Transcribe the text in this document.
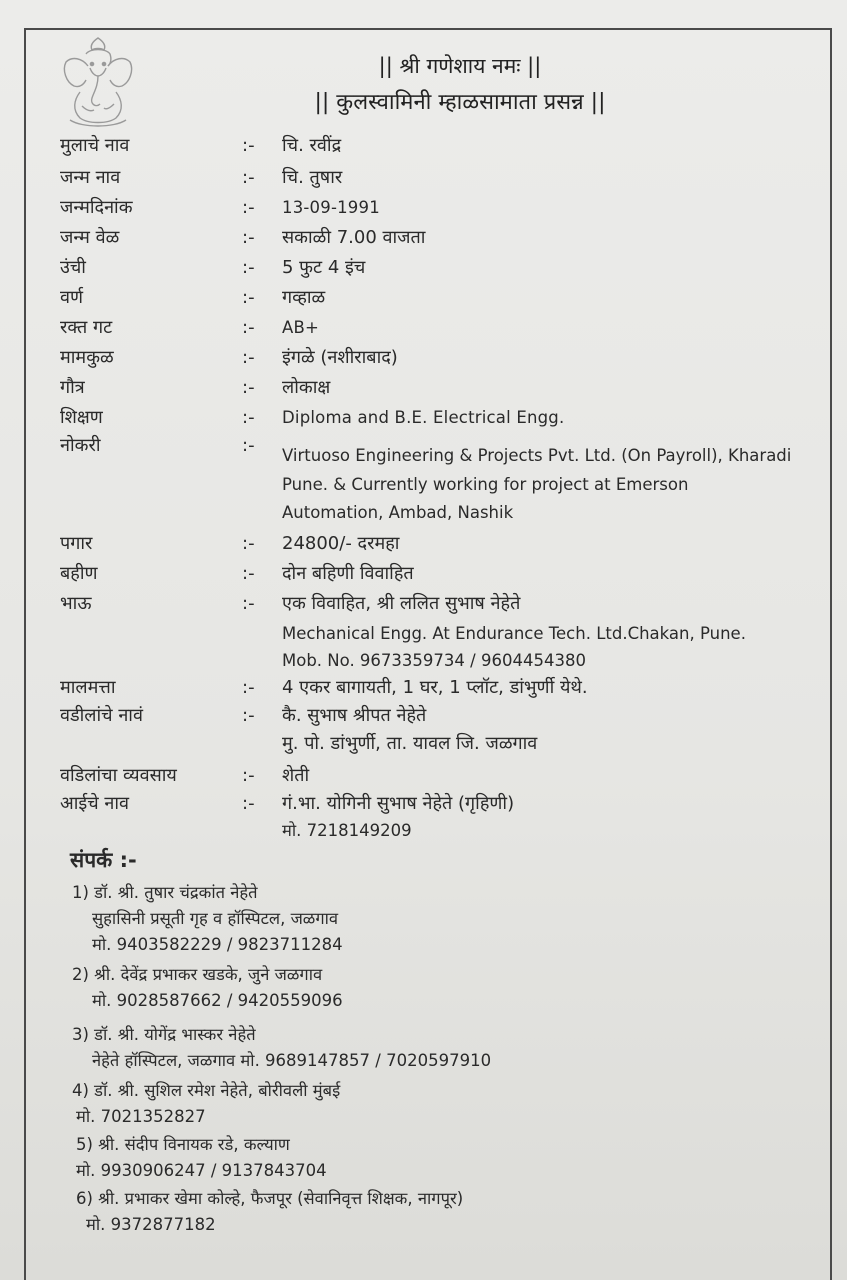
|| श्री गणेशाय नमः ||
|| कुलस्वामिनी म्हाळसामाता प्रसन्न ||
मुलाचे नाव	:- चि. रवींद्र
जन्म नाव	:- चि. तुषार
जन्मदिनांक	:- 13-09-1991
जन्म वेळ	:- सकाळी 7.00 वाजता
उंची	:- 5 फुट 4 इंच
वर्ण	:- गव्हाळ
रक्त गट	:- AB+
मामकुळ	:- इंगळे (नशीराबाद)
गौत्र	:- लोकाक्ष
शिक्षण	:- Diploma and B.E. Electrical Engg.
नोकरी	:- Virtuoso Engineering & Projects Pvt. Ltd. (On Payroll), Kharadi
Pune. & Currently working for project at Emerson
Automation, Ambad, Nashik
पगार	:- 24800/- दरमहा
बहीण	:- दोन बहिणी विवाहित
भाऊ	:- एक विवाहित, श्री ललित सुभाष नेहेते
Mechanical Engg. At Endurance Tech. Ltd.Chakan, Pune.
Mob. No. 9673359734 / 9604454380
मालमत्ता	:- 4 एकर बागायती, 1 घर, 1 प्लॉट, डांभुर्णी येथे.
वडीलांचे नावं	:- कै. सुभाष श्रीपत नेहेते
मु. पो. डांभुर्णी, ता. यावल जि. जळगाव
वडिलांचा व्यवसाय	:- शेती
आईचे नाव	:- गं.भा. योगिनी सुभाष नेहेते (गृहिणी)
मो. 7218149209
संपर्क :-
1) डॉ. श्री. तुषार चंद्रकांत नेहेते
सुहासिनी प्रसूती गृह व हॉस्पिटल, जळगाव
मो. 9403582229 / 9823711284
2) श्री. देवेंद्र प्रभाकर खडके, जुने जळगाव
मो. 9028587662 / 9420559096
3) डॉ. श्री. योगेंद्र भास्कर नेहेते
नेहेते हॉस्पिटल, जळगाव मो. 9689147857 / 7020597910
4) डॉ. श्री. सुशिल रमेश नेहेते, बोरीवली मुंबई
मो. 7021352827
5) श्री. संदीप विनायक रडे, कल्याण
मो. 9930906247 / 9137843704
6) श्री. प्रभाकर खेमा कोल्हे, फैजपूर (सेवानिवृत्त शिक्षक, नागपूर)
मो. 9372877182
